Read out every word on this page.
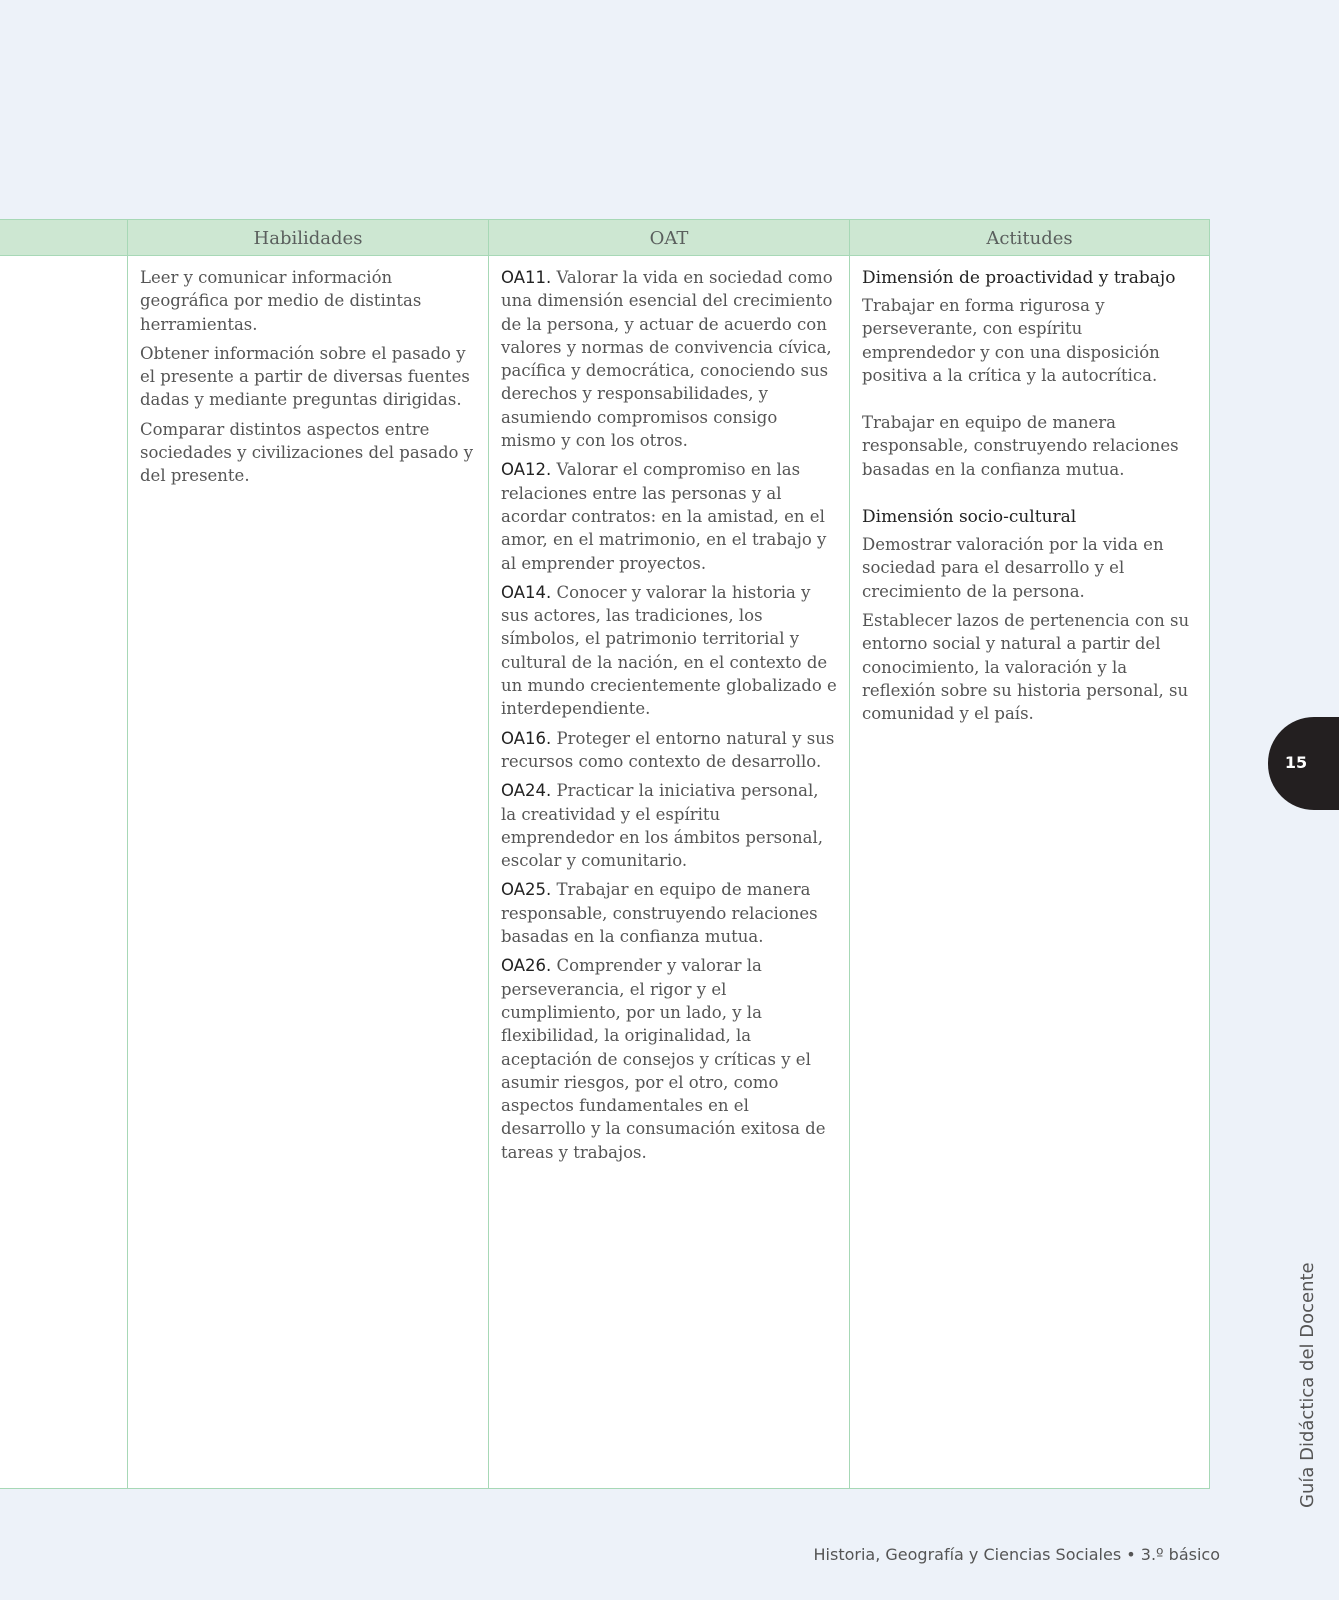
Habilidades

Leer y comunicar información geográfica por medio de distintas herramientas.

Obtener información sobre el pasado y el presente a partir de diversas fuentes dadas y mediante preguntas dirigidas.

Comparar distintos aspectos entre sociedades y civilizaciones del pasado y del presente.

OAT

OA11. Valorar la vida en sociedad como una dimensión esencial del crecimiento de la persona, y actuar de acuerdo con valores y normas de convivencia cívica, pacífica y democrática, conociendo sus derechos y responsabilidades, y asumiendo compromisos consigo mismo y con los otros.

OA12. Valorar el compromiso en las relaciones entre las personas y al acordar contratos: en la amistad, en el amor, en el matrimonio, en el trabajo y al emprender proyectos.

OA14. Conocer y valorar la historia y sus actores, las tradiciones, los símbolos, el patrimonio territorial y cultural de la nación, en el contexto de un mundo crecientemente globalizado e interdependiente.

OA16. Proteger el entorno natural y sus recursos como contexto de desarrollo.

OA24. Practicar la iniciativa personal, la creatividad y el espíritu emprendedor en los ámbitos personal, escolar y comunitario.

OA25. Trabajar en equipo de manera responsable, construyendo relaciones basadas en la confianza mutua.

OA26. Comprender y valorar la perseverancia, el rigor y el cumplimiento, por un lado, y la flexibilidad, la originalidad, la aceptación de consejos y críticas y el asumir riesgos, por el otro, como aspectos fundamentales en el desarrollo y la consumación exitosa de tareas y trabajos.

Actitudes
Dimensión de proactividad y trabajo

Trabajar en forma rigurosa y perseverante, con espíritu emprendedor y con una disposición positiva a la crítica y la autocrítica.

Trabajar en equipo de manera responsable, construyendo relaciones basadas en la confianza mutua.

Dimensión socio-cultural

Demostrar valoración por la vida en sociedad para el desarrollo y el crecimiento de la persona.

Establecer lazos de pertenencia con su entorno social y natural a partir del conocimiento, la valoración y la reflexión sobre su historia personal, su comunidad y el país.

15
Guía Didáctica del Docente
Historia, Geografía y Ciencias Sociales • 3.º básico
